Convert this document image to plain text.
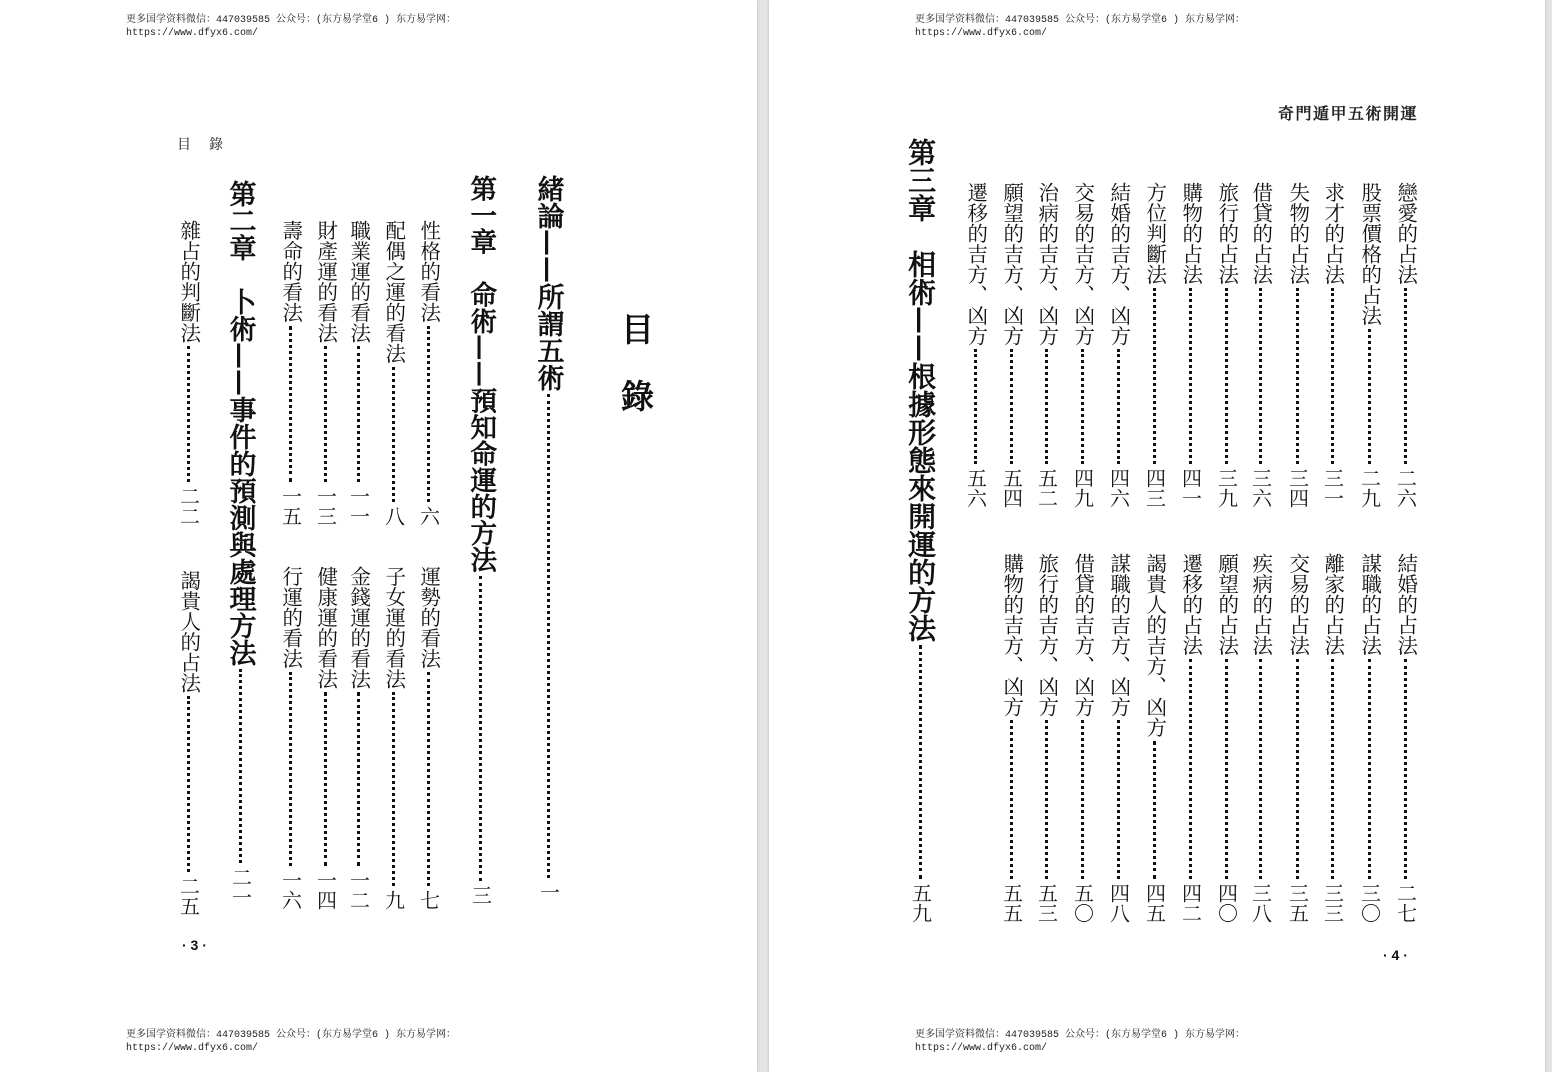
更多国学资料微信：447039585 公众号：(东方易学堂6 ) 东方易学网：
https://www.dfyx6.com/
目錄
目錄
· 3 ·
更多国学资料微信：447039585 公众号：(东方易学堂6 ) 东方易学网：
https://www.dfyx6.com/
緒論——所謂五術
一
第一章
命術——預知命運的方法
三
性格的看法
六
運勢的看法
七
配偶之運的看法
八
子女運的看法
九
職業運的看法
一一
金錢運的看法
一二
財產運的看法
一三
健康運的看法
一四
壽命的看法
一五
行運的看法
一六
第二章
卜術——事件的預測與處理方法
二一
雜占的判斷法
二二
謁貴人的占法
二五
更多国学资料微信：447039585 公众号：(东方易学堂6 ) 东方易学网：
https://www.dfyx6.com/
奇門遁甲五術開運
· 4 ·
更多国学资料微信：447039585 公众号：(东方易学堂6 ) 东方易学网：
https://www.dfyx6.com/
戀愛的占法
二六
結婚的占法
二七
股票價格的占法
二九
謀職的占法
三〇
求才的占法
三一
離家的占法
三三
失物的占法
三四
交易的占法
三五
借貸的占法
三六
疾病的占法
三八
旅行的占法
三九
願望的占法
四〇
購物的占法
四一
遷移的占法
四二
方位判斷法
四三
謁貴人的吉方、凶方
四五
結婚的吉方、凶方
四六
謀職的吉方、凶方
四八
交易的吉方、凶方
四九
借貸的吉方、凶方
五〇
治病的吉方、凶方
五二
旅行的吉方、凶方
五三
願望的吉方、凶方
五四
購物的吉方、凶方
五五
遷移的吉方、凶方
五六
第三章
相術——根據形態來開運的方法
五九
